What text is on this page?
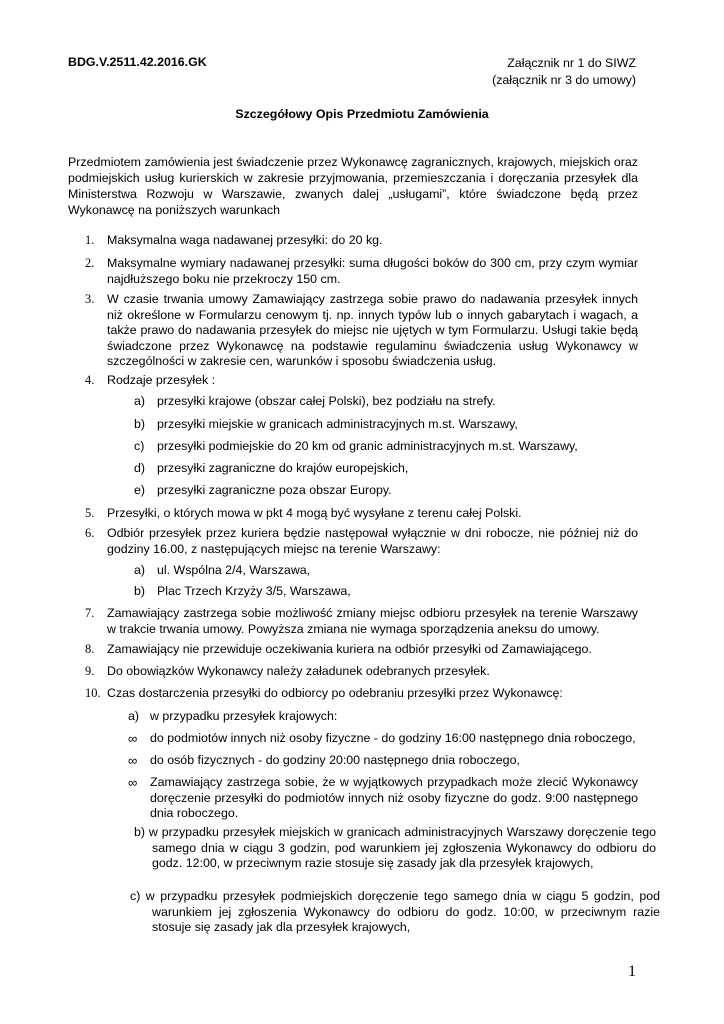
BDG.V.2511.42.2016.GK	Załącznik nr 1 do SIWZ
(załącznik nr 3 do umowy)
Szczegółowy Opis Przedmiotu Zamówienia
Przedmiotem zamówienia jest świadczenie przez Wykonawcę zagranicznych, krajowych, miejskich oraz podmiejskich usług kurierskich w zakresie przyjmowania, przemieszczania i doręczania przesyłek dla Ministerstwa Rozwoju w Warszawie, zwanych dalej „usługami”, które świadczone będą przez Wykonawcę na poniższych warunkach
1. Maksymalna waga nadawanej przesyłki: do 20 kg.
2. Maksymalne wymiary nadawanej przesyłki: suma długości boków do 300 cm, przy czym wymiar najdłuższego boku nie przekroczy 150 cm.
3. W czasie trwania umowy Zamawiający zastrzega sobie prawo do nadawania przesyłek innych niż określone w Formularzu cenowym tj. np. innych typów lub o innych gabarytach i wagach, a także prawo do nadawania przesyłek do miejsc nie ujętych w tym Formularzu. Usługi takie będą świadczone przez Wykonawcę na podstawie regulaminu świadczenia usług Wykonawcy w szczególności w zakresie cen, warunków i sposobu świadczenia usług.
4. Rodzaje przesyłek :
a) przesyłki krajowe (obszar całej Polski), bez podziału na strefy.
b) przesyłki miejskie w granicach administracyjnych m.st. Warszawy,
c) przesyłki podmiejskie do 20 km od granic administracyjnych m.st. Warszawy,
d) przesyłki zagraniczne do krajów europejskich,
e) przesyłki zagraniczne poza obszar Europy.
5. Przesyłki, o których mowa w pkt 4 mogą być wysyłane z terenu całej Polski.
6. Odbiór przesyłek przez kuriera będzie następował wyłącznie w dni robocze, nie później niż do godziny 16.00, z następujących miejsc na terenie Warszawy:
a) ul. Wspólna 2/4, Warszawa,
b) Plac Trzech Krzyży 3/5, Warszawa,
7. Zamawiający zastrzega sobie możliwość zmiany miejsc odbioru przesyłek na terenie Warszawy w trakcie trwania umowy. Powyższa zmiana nie wymaga sporządzenia aneksu do umowy.
8. Zamawiający nie przewiduje oczekiwania kuriera na odbiór przesyłki od Zamawiającego.
9. Do obowiązków Wykonawcy należy załadunek odebranych przesyłek.
10. Czas dostarczenia przesyłki do odbiorcy po odebraniu przesyłki przez Wykonawcę:
a) w przypadku przesyłek krajowych:
∞ do podmiotów innych niż osoby fizyczne - do godziny 16:00 następnego dnia roboczego,
∞ do osób fizycznych - do godziny 20:00 następnego dnia roboczego,
∞ Zamawiający zastrzega sobie, że w wyjątkowych przypadkach może zlecić Wykonawcy doręczenie przesyłki do podmiotów innych niż osoby fizyczne do godz. 9:00 następnego dnia roboczego.
b) w przypadku przesyłek miejskich w granicach administracyjnych Warszawy doręczenie tego samego dnia w ciągu 3 godzin, pod warunkiem jej zgłoszenia Wykonawcy do odbioru do godz. 12:00, w przeciwnym razie stosuje się zasady jak dla przesyłek krajowych,
c) w przypadku przesyłek podmiejskich doręczenie tego samego dnia w ciągu 5 godzin, pod warunkiem jej zgłoszenia Wykonawcy do odbioru do godz. 10:00, w przeciwnym razie stosuje się zasady jak dla przesyłek krajowych,
1
